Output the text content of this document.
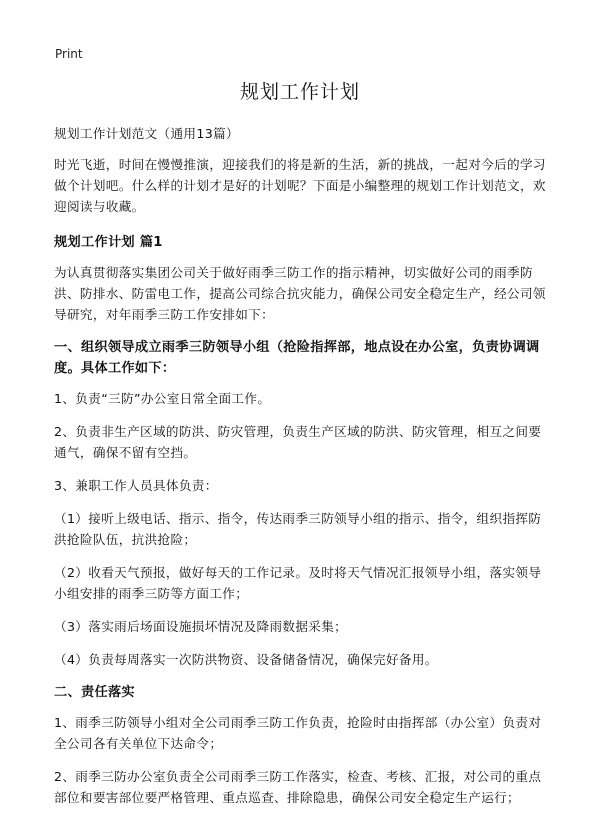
Print
规划工作计划

规划工作计划范文（通用13篇）

时光飞逝，时间在慢慢推演，迎接我们的将是新的生活，新的挑战，一起对今后的学习做个计划吧。什么样的计划才是好的计划呢？下面是小编整理的规划工作计划范文，欢迎阅读与收藏。

规划工作计划 篇1

为认真贯彻落实集团公司关于做好雨季三防工作的指示精神，切实做好公司的雨季防洪、防排水、防雷电工作，提高公司综合抗灾能力，确保公司安全稳定生产，经公司领导研究，对年雨季三防工作安排如下：

一、组织领导成立雨季三防领导小组（抢险指挥部，地点设在办公室，负责协调调度。具体工作如下：

1、负责“三防”办公室日常全面工作。

2、负责非生产区域的防洪、防灾管理，负责生产区域的防洪、防灾管理，相互之间要通气，确保不留有空挡。

3、兼职工作人员具体负责：

（1）接听上级电话、指示、指令，传达雨季三防领导小组的指示、指令，组织指挥防洪抢险队伍，抗洪抢险；

（2）收看天气预报，做好每天的工作记录。及时将天气情况汇报领导小组，落实领导小组安排的雨季三防等方面工作；

（3）落实雨后场面设施损坏情况及降雨数据采集；

（4）负责每周落实一次防洪物资、设备储备情况，确保完好备用。

二、责任落实

1、雨季三防领导小组对全公司雨季三防工作负责，抢险时由指挥部（办公室）负责对全公司各有关单位下达命令；

2、雨季三防办公室负责全公司雨季三防工作落实，检查、考核、汇报，对公司的重点部位和要害部位要严格管理、重点巡查、排除隐患，确保公司安全稳定生产运行；
